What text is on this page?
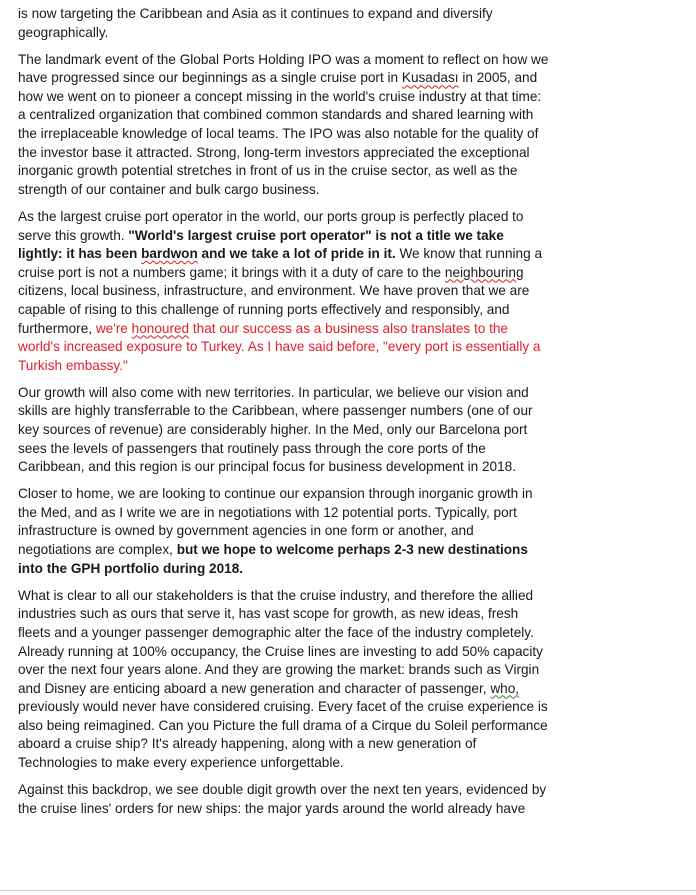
is now targeting the Caribbean and Asia as it continues to expand and diversify
geographically.

The landmark event of the Global Ports Holding IPO was a moment to reflect on how we
have progressed since our beginnings as a single cruise port in Kusadası in 2005, and
how we went on to pioneer a concept missing in the world's cruise industry at that time:
a centralized organization that combined common standards and shared learning with
the irreplaceable knowledge of local teams. The IPO was also notable for the quality of
the investor base it attracted. Strong, long-term investors appreciated the exceptional
inorganic growth potential stretches in front of us in the cruise sector, as well as the
strength of our container and bulk cargo business.

As the largest cruise port operator in the world, our ports group is perfectly placed to
serve this growth. "World's largest cruise port operator" is not a title we take
lightly: it has been bardwon and we take a lot of pride in it. We know that running a
cruise port is not a numbers game; it brings with it a duty of care to the neighbouring
citizens, local business, infrastructure, and environment. We have proven that we are
capable of rising to this challenge of running ports effectively and responsibly, and
furthermore, we're honoured that our success as a business also translates to the
world's increased exposure to Turkey. As I have said before, "every port is essentially a
Turkish embassy."

Our growth will also come with new territories. In particular, we believe our vision and
skills are highly transferrable to the Caribbean, where passenger numbers (one of our
key sources of revenue) are considerably higher. In the Med, only our Barcelona port
sees the levels of passengers that routinely pass through the core ports of the
Caribbean, and this region is our principal focus for business development in 2018.

Closer to home, we are looking to continue our expansion through inorganic growth in
the Med, and as I write we are in negotiations with 12 potential ports. Typically, port
infrastructure is owned by government agencies in one form or another, and
negotiations are complex, but we hope to welcome perhaps 2-3 new destinations
into the GPH portfolio during 2018.

What is clear to all our stakeholders is that the cruise industry, and therefore the allied
industries such as ours that serve it, has vast scope for growth, as new ideas, fresh
fleets and a younger passenger demographic alter the face of the industry completely.
Already running at 100% occupancy, the Cruise lines are investing to add 50% capacity
over the next four years alone. And they are growing the market: brands such as Virgin
and Disney are enticing aboard a new generation and character of passenger, who,
previously would never have considered cruising. Every facet of the cruise experience is
also being reimagined. Can you Picture the full drama of a Cirque du Soleil performance
aboard a cruise ship? It's already happening, along with a new generation of
Technologies to make every experience unforgettable.

Against this backdrop, we see double digit growth over the next ten years, evidenced by
the cruise lines' orders for new ships: the major yards around the world already have
